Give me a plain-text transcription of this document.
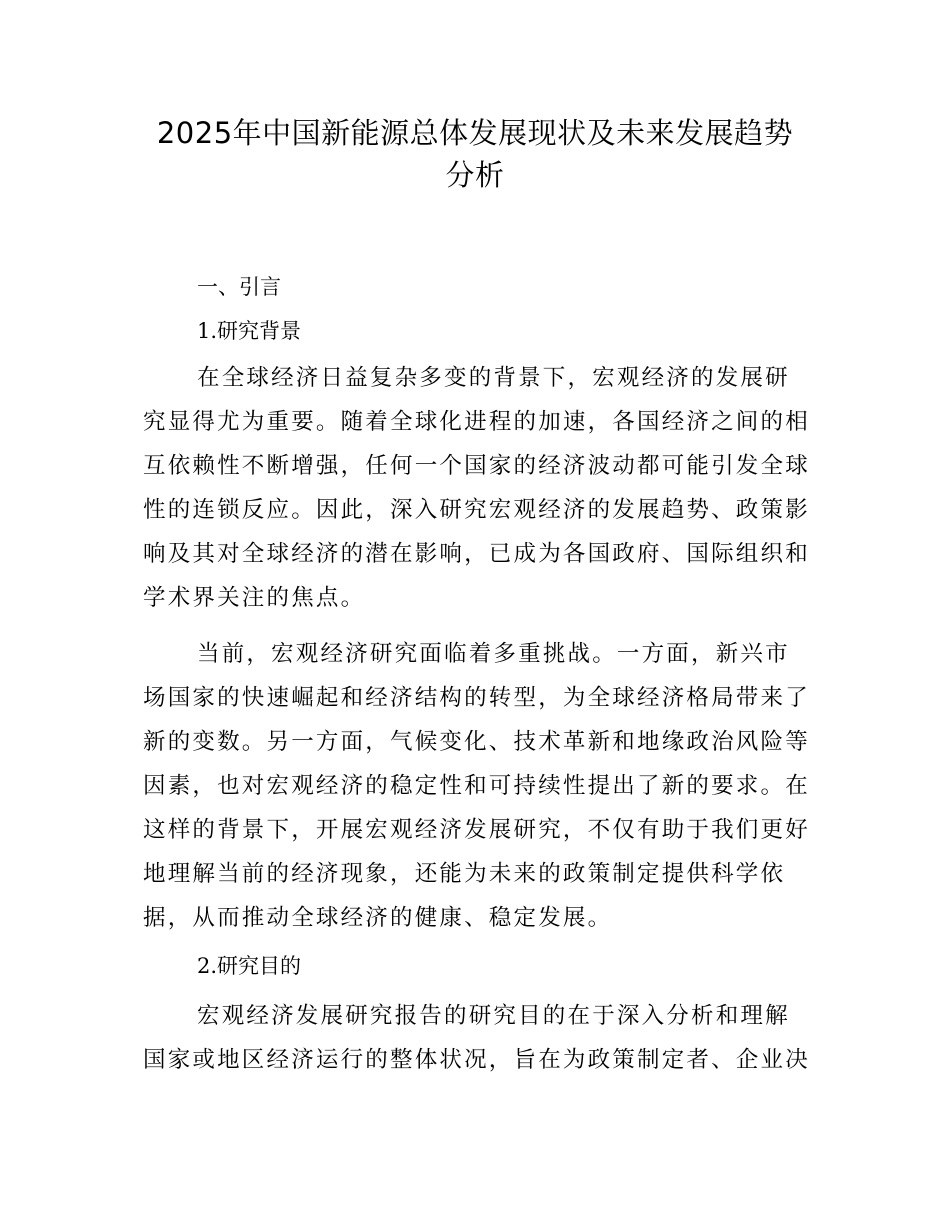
2025年中国新能源总体发展现状及未来发展趋势
分析
一、引言
1.研究背景
在全球经济日益复杂多变的背景下，宏观经济的发展研
究显得尤为重要。随着全球化进程的加速，各国经济之间的相
互依赖性不断增强，任何一个国家的经济波动都可能引发全球
性的连锁反应。因此，深入研究宏观经济的发展趋势、政策影
响及其对全球经济的潜在影响，已成为各国政府、国际组织和
学术界关注的焦点。
当前，宏观经济研究面临着多重挑战。一方面，新兴市
场国家的快速崛起和经济结构的转型，为全球经济格局带来了
新的变数。另一方面，气候变化、技术革新和地缘政治风险等
因素，也对宏观经济的稳定性和可持续性提出了新的要求。在
这样的背景下，开展宏观经济发展研究，不仅有助于我们更好
地理解当前的经济现象，还能为未来的政策制定提供科学依
据，从而推动全球经济的健康、稳定发展。
2.研究目的
宏观经济发展研究报告的研究目的在于深入分析和理解
国家或地区经济运行的整体状况，旨在为政策制定者、企业决
